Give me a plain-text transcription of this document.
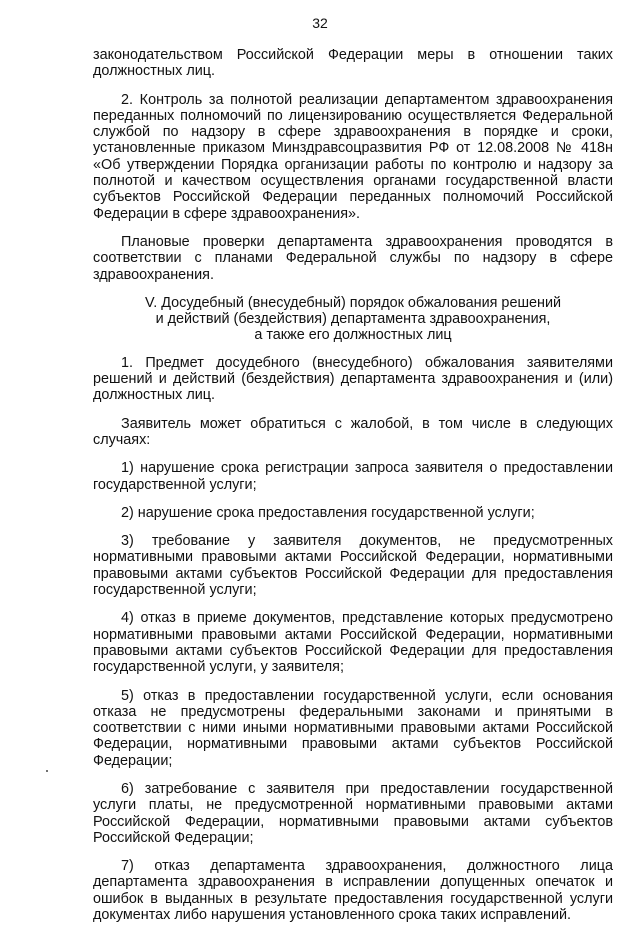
32

законодательством Российской Федерации меры в отношении таких должностных лиц.

2. Контроль за полнотой реализации департаментом здравоохранения переданных полномочий по лицензированию осуществляется Федеральной службой по надзору в сфере здравоохранения в порядке и сроки, установленные приказом Минздравсоцразвития РФ от 12.08.2008 № 418н «Об утверждении Порядка организации работы по контролю и надзору за полнотой и качеством осуществления органами государственной власти субъектов Российской Федерации переданных полномочий Российской Федерации в сфере здравоохранения».

Плановые проверки департамента здравоохранения проводятся в соответствии с планами Федеральной службы по надзору в сфере здравоохранения.

V. Досудебный (внесудебный) порядок обжалования решений
и действий (бездействия) департамента здравоохранения,
а также его должностных лиц

1. Предмет досудебного (внесудебного) обжалования заявителями решений и действий (бездействия) департамента здравоохранения и (или) должностных лиц.

Заявитель может обратиться с жалобой, в том числе в следующих случаях:

1) нарушение срока регистрации запроса заявителя о предоставлении государственной услуги;

2) нарушение срока предоставления государственной услуги;

3) требование у заявителя документов, не предусмотренных нормативными правовыми актами Российской Федерации, нормативными правовыми актами субъектов Российской Федерации для предоставления государственной услуги;

4) отказ в приеме документов, представление которых предусмотрено нормативными правовыми актами Российской Федерации, нормативными правовыми актами субъектов Российской Федерации для предоставления государственной услуги, у заявителя;

5) отказ в предоставлении государственной услуги, если основания отказа не предусмотрены федеральными законами и принятыми в соответствии с ними иными нормативными правовыми актами Российской Федерации, нормативными правовыми актами субъектов Российской Федерации;

6) затребование с заявителя при предоставлении государственной услуги платы, не предусмотренной нормативными правовыми актами Российской Федерации, нормативными правовыми актами субъектов Российской Федерации;

7) отказ департамента здравоохранения, должностного лица департамента здравоохранения в исправлении допущенных опечаток и ошибок в выданных в результате предоставления государственной услуги документах либо нарушения установленного срока таких исправлений.
